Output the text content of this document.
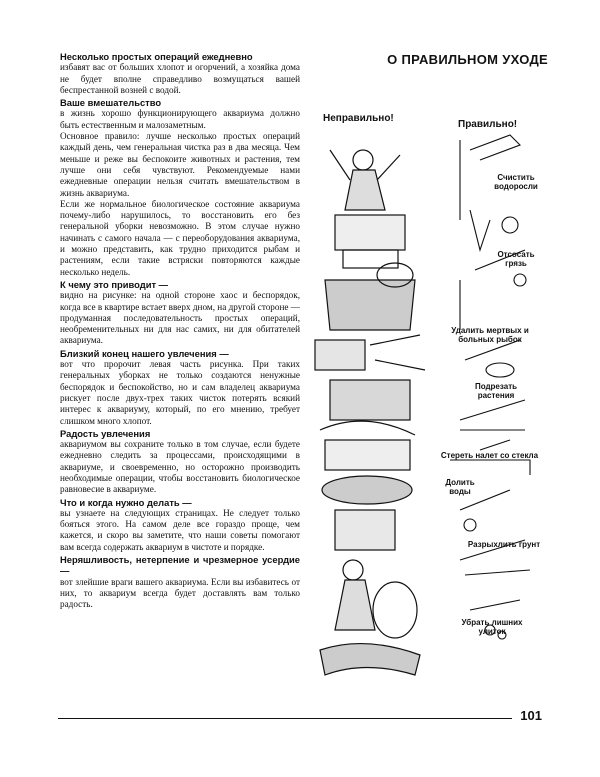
Несколько простых операций ежедневно

избавят вас от больших хлопот и огорчений, а хозяйка дома не будет вполне справедливо возмущаться вашей беспрестанной возней с водой.

Ваше вмешательство

в жизнь хорошо функционирующего аквариума должно быть естественным и малозаметным.

Основное правило: лучше несколько простых операций каждый день, чем генеральная чистка раз в два месяца. Чем меньше и реже вы беспокоите животных и растения, тем лучше они себя чувствуют. Рекомендуемые нами ежедневные операции нельзя считать вмешательством в жизнь аквариума.

Если же нормальное биологическое состояние аквариума почему-либо нарушилось, то восстановить его без генеральной уборки невозможно. В этом случае нужно начинать с самого начала — с переоборудования аквариума, и можно представить, как трудно приходится рыбам и растениям, если такие встряски повторяются каждые несколько недель.

К чему это приводит —

видно на рисунке: на одной стороне хаос и беспорядок, когда все в квартире встает вверх дном, на другой стороне — продуманная последовательность простых операций, необременительных ни для нас самих, ни для обитателей аквариума.

Близкий конец нашего увлечения —

вот что пророчит левая часть рисунка. При таких генеральных уборках не только создаются ненужные беспорядок и беспокойство, но и сам владелец аквариума рискует после двух-трех таких чисток потерять всякий интерес к аквариуму, который, по его мнению, требует слишком много хлопот.

Радость увлечения

аквариумом вы сохраните только в том случае, если будете ежедневно следить за процессами, происходящими в аквариуме, и своевременно, но осторожно производить необходимые операции, чтобы восстановить биологическое равновесие в аквариуме.

Что и когда нужно делать —

вы узнаете на следующих страницах. Не следует только бояться этого. На самом деле все гораздо проще, чем кажется, и скоро вы заметите, что наши советы помогают вам всегда содержать аквариум в чистоте и порядке.

Неряшливость, нетерпение и чрезмерное усердие —

вот злейшие враги вашего аквариума. Если вы избавитесь от них, то аквариум всегда будет доставлять вам только радость.

О ПРАВИЛЬНОМ УХОДЕ
Неправильно!
Правильно!
Счистить водоросли
Отсосать грязь
Удалить мертвых и больных рыбок
Подрезать растения
Стереть налет со стекла
Долить воды
Разрыхлить грунт
Убрать лишних улиток
101
